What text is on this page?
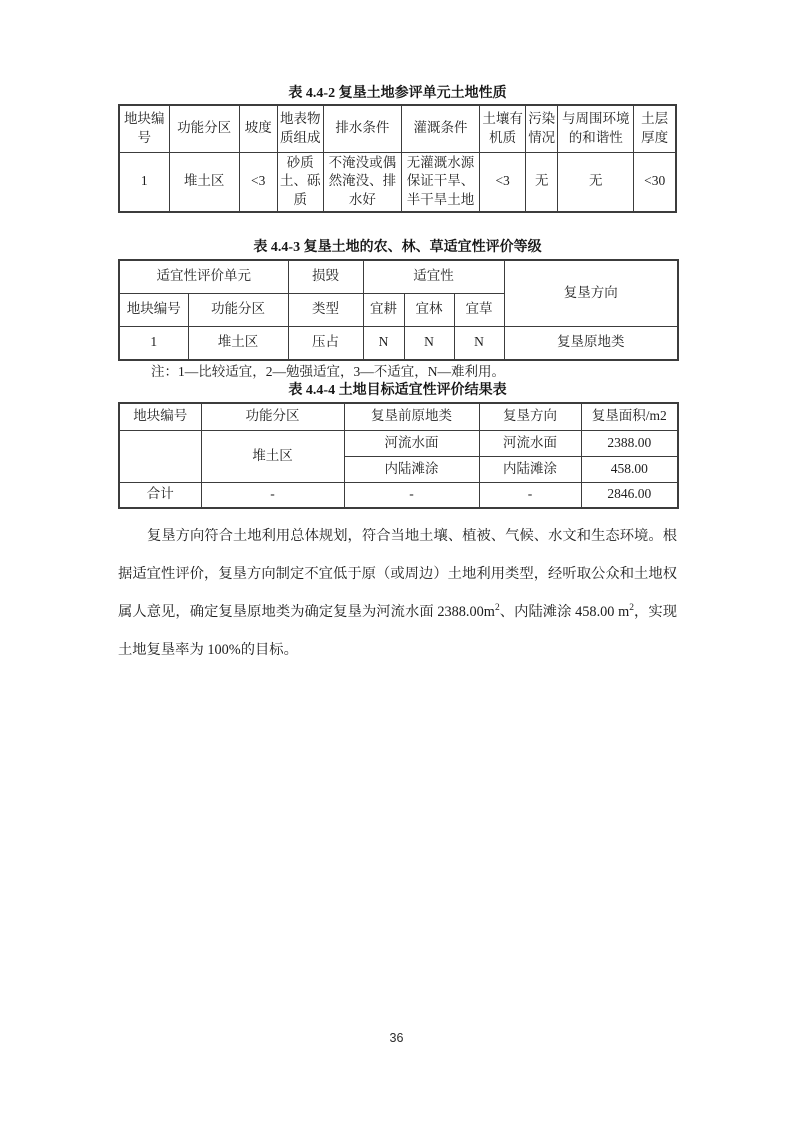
表 4.4-2 复垦土地参评单元土地性质
地块编号	功能分区	坡度	地表物质组成	排水条件	灌溉条件	土壤有机质	污染情况	与周围环境的和谐性	土层厚度
1	堆土区	<3	砂质土、砾质	不淹没或偶然淹没、排水好	无灌溉水源保证干旱、半干旱土地	<3	无	无	<30
表 4.4-3 复垦土地的农、林、草适宜性评价等级
适宜性评价单元		损毁	适宜性			复垦方向
地块编号	功能分区	类型	宜耕	宜林	宜草	
1	堆土区	压占	N	N	N	复垦原地类
注：1—比较适宜，2—勉强适宜，3—不适宜，N—难利用。
表 4.4-4 土地目标适宜性评价结果表
地块编号	功能分区	复垦前原地类	复垦方向	复垦面积/m2
	堆土区	河流水面	河流水面	2388.00
		内陆滩涂	内陆滩涂	458.00
合计	-	-	-	2846.00

复垦方向符合土地利用总体规划，符合当地土壤、植被、气候、水文和生态环境。根据适宜性评价，复垦方向制定不宜低于原（或周边）土地利用类型，经听取公众和土地权属人意见，确定复垦原地类为确定复垦为河流水面 $2388.00m^2$、内陆滩涂 458.00 $m^2$，实现土地复垦率为 100%的目标。

36
